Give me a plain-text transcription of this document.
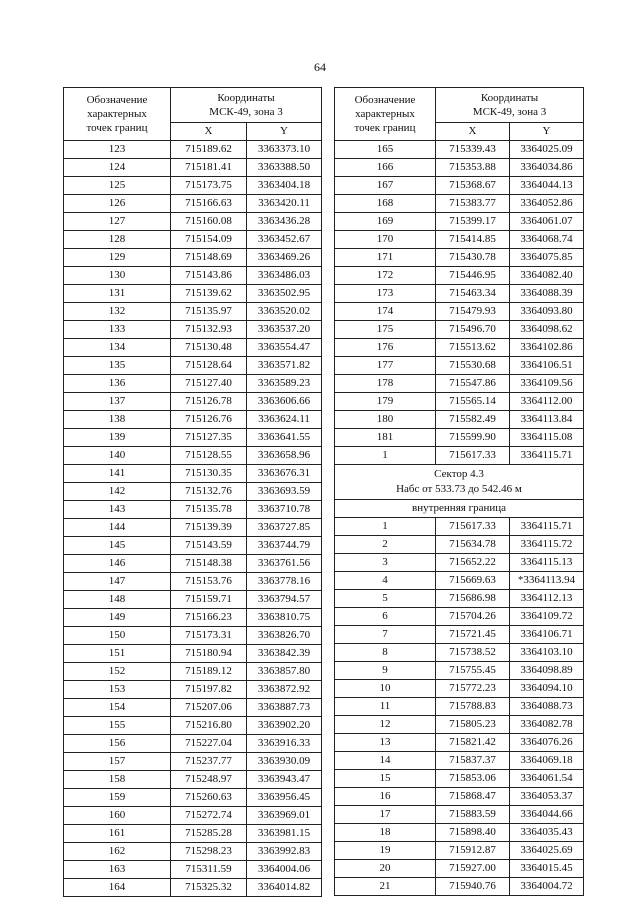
64
Обозначение
характерных
точек границ	Координаты
МСК-49, зона 3	
	X	Y
123	715189.62	3363373.10
124	715181.41	3363388.50
125	715173.75	3363404.18
126	715166.63	3363420.11
127	715160.08	3363436.28
128	715154.09	3363452.67
129	715148.69	3363469.26
130	715143.86	3363486.03
131	715139.62	3363502.95
132	715135.97	3363520.02
133	715132.93	3363537.20
134	715130.48	3363554.47
135	715128.64	3363571.82
136	715127.40	3363589.23
137	715126.78	3363606.66
138	715126.76	3363624.11
139	715127.35	3363641.55
140	715128.55	3363658.96
141	715130.35	3363676.31
142	715132.76	3363693.59
143	715135.78	3363710.78
144	715139.39	3363727.85
145	715143.59	3363744.79
146	715148.38	3363761.56
147	715153.76	3363778.16
148	715159.71	3363794.57
149	715166.23	3363810.75
150	715173.31	3363826.70
151	715180.94	3363842.39
152	715189.12	3363857.80
153	715197.82	3363872.92
154	715207.06	3363887.73
155	715216.80	3363902.20
156	715227.04	3363916.33
157	715237.77	3363930.09
158	715248.97	3363943.47
159	715260.63	3363956.45
160	715272.74	3363969.01
161	715285.28	3363981.15
162	715298.23	3363992.83
163	715311.59	3364004.06
164	715325.32	3364014.82
Обозначение
характерных
точек границ	Координаты
МСК-49, зона 3	
	X	Y
165	715339.43	3364025.09
166	715353.88	3364034.86
167	715368.67	3364044.13
168	715383.77	3364052.86
169	715399.17	3364061.07
170	715414.85	3364068.74
171	715430.78	3364075.85
172	715446.95	3364082.40
173	715463.34	3364088.39
174	715479.93	3364093.80
175	715496.70	3364098.62
176	715513.62	3364102.86
177	715530.68	3364106.51
178	715547.86	3364109.56
179	715565.14	3364112.00
180	715582.49	3364113.84
181	715599.90	3364115.08
1	715617.33	3364115.71
Сектор 4.3
Набс от 533.73 до 542.46 м		
внутренняя граница		
1	715617.33	3364115.71
2	715634.78	3364115.72
3	715652.22	3364115.13
4	715669.63	*3364113.94
5	715686.98	3364112.13
6	715704.26	3364109.72
7	715721.45	3364106.71
8	715738.52	3364103.10
9	715755.45	3364098.89
10	715772.23	3364094.10
11	715788.83	3364088.73
12	715805.23	3364082.78
13	715821.42	3364076.26
14	715837.37	3364069.18
15	715853.06	3364061.54
16	715868.47	3364053.37
17	715883.59	3364044.66
18	715898.40	3364035.43
19	715912.87	3364025.69
20	715927.00	3364015.45
21	715940.76	3364004.72
